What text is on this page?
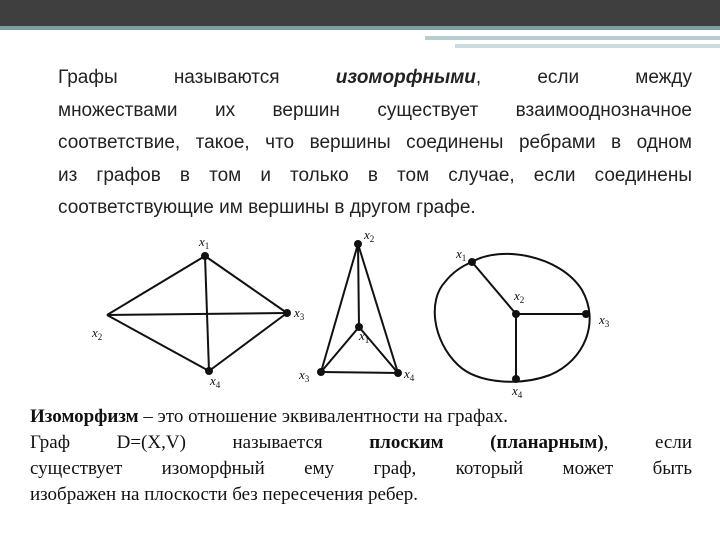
Графы называются изоморфными, если между
множествами их вершин существует взаимооднозначное
соответствие, такое, что вершины соединены ребрами в одном
из графов в том и только в том случае, если соединены
соответствующие им вершины в другом графе.
$x_1$
$x_2$
$x_3$
$x_4$
$x_1$
$x_2$
$x_3$	$x_4$
$x_1$
$x_2$
$x_3$
$x_4$
Изоморфизм – это отношение эквивалентности на графах.
Граф D=(X,V) называется плоским (планарным), если
существует изоморфный ему граф, который может быть
изображен на плоскости без пересечения ребер.
